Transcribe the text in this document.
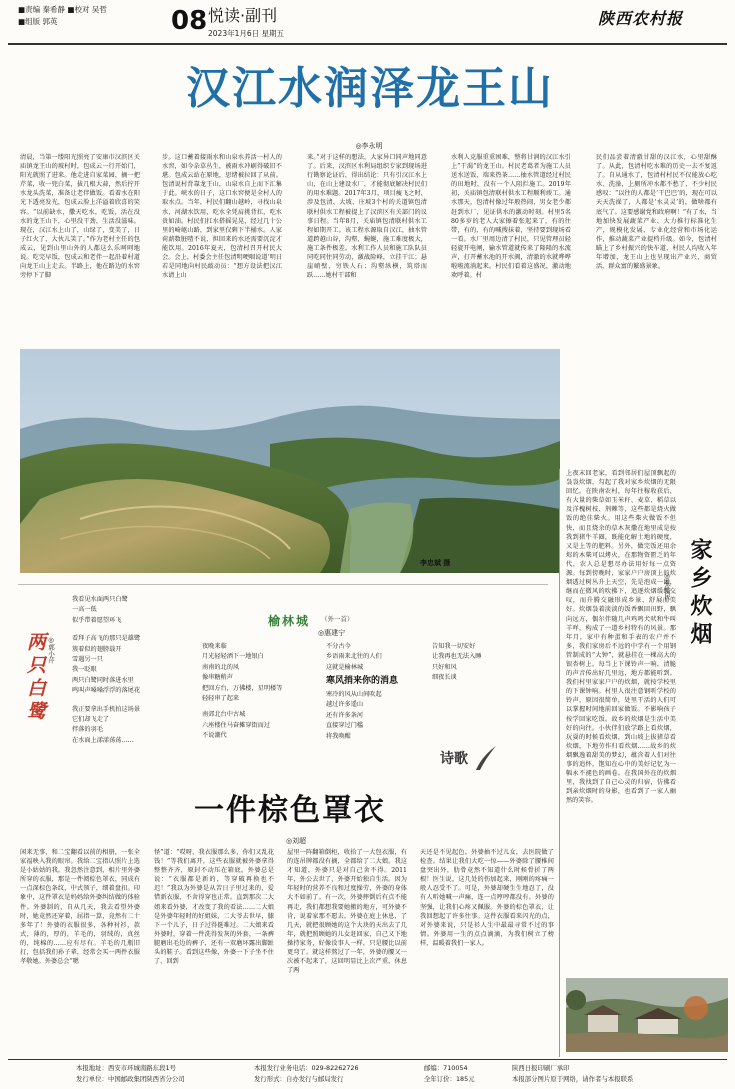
■责编 秦希静 ■校对 吴哲
■组版 郭英	08 悦读·副刊
2023年1月6日 星期五
陕西农村报
汉江水润泽龙王山
◎李永明
清晨，当第一缕阳光照亮了安康市汉滨区关庙镇龙王山的坡村时，包成云一行开始门，阳光就照了进来。他走进自家菜园，摘一把芹菜，收一兜白菜，拔几根大蒜，然后拧开水龙头洗菜，准备让老伴做饭。看着水在阳光下透亮发光，包成云脸上洋溢着欣喜的笑容。“以前缺水，撒天吃水，吃饭，活在没水的龙王山下，心里没干劲，生活没滋味。现在，汉江水上山了，山绿了，变美了，日子红火了，大伙儿笑了。”作为老村主任的包成云，见到山里山外的人都这么乐呵呵地说。吃完早饭，包成云和老伴一起沿着村道向龙王山上走去。半路上，他在路边的水窖旁停下了脚
步。这口蓄着接雨水和山泉水养活一村人的水窖，如今杂草丛生，被雨水冲刷得破旧不堪。包成云站在原地，思绪被拉回了从前。包清说村背靠龙王山，山泉水自上而下汇集于此。峡水的日子，这口水窖便是全村人的取水点。当年，村民们翻山越岭，寻找山泉水，河湖水饮用，吃水全凭肩挑背扛，吃水贵如油。村民们扛水搭摇晃晃，经过几十公里的崎岖山路，到家里仅剩下半桶水。人家荷薪数脏喳不说，担回来的水还需要沉淀才能饮用。2016年夏天，包清村召开村民大会。会上，村委会主任包清明哽咽说道‘明日若是同地向村民敲动员：“想方设法把汉江水请上山
来。”对于这样的想法，大家异口同声地同意了。后来，汉滨区水利局组织专家到现场进行勘察论证后，得出结论：只有引汉江水上山，在山上建设水厂，才能彻底解决村民们的用水难题。2017年3月，项目瘦飞之时，涉及包清、大坡、庄坡3个村的关道镇包清联村供水工程被提上了汉滨区有关部门的议事日程。当年8月，关庙镇包清联村供水工程如期开工。该工程水源取自汉江，抽水管道跨越山谷，沟壑，蜿蜒，施工难度极大，施工条件极差。水利工作人员和施工队队员同吃同住同劳动，激战险峰，立挂干江；悬崖峭壁，穷铁人石；沟壑纵横，筑塔而跃……她村干部和
水利人克服重重困难，整将甘润的汉江水引上“干渴”的龙王山。村民老葛者为施工人员送水送饭，端来热茶……抽水管道经过村民的田地时，没有一个人阻拦施工。2019年初，关庙镇包清联村供水工程顺利竣工。通水那天，包清村像过年般热闹，男女老少都赶到水厂，见证供水的激动时刻。村里5名80多岁的老人大家擦着张起来了，有的往带，有的，有的喊搜抹着，坚持要到现场看一看。水厂里周边清了村民，只见管理员轻轻旋开电闸，输水管道就传来了隆隆的水流声，打开蓄水池的开水阀，清澈的水就哗哗啦啦流淌起来。村民们看着这盛况，激动地欢呼着。村
民们品尝着清澈甘甜的汉江水，心里甜酥了。从此，包清村吃水难的历史一去不复返了。自从通水了，包清村村民不仅能放心吃水、洗澡，上厕所冲水都不愁了，不少村民感叹：“以往的人都是‘干巴巴’的，现在可以天天洗澡了，人都是‘水灵灵’的，做啥都有底气了。这要感谢党和政府啊！”有了水，当地加快发展蔬菜产业、大力推行标准化生产，规模化发展、专业化经营和市场化运作，推动蔬菜产业提档升级。如今，包清村瞄上了乡村振兴的快车道，村民人均收入年年增加，龙王山上也呈现出产业兴，商贸活，群众富的繁盛景象。
李忠斌 摄
上夜末回老家，看到邻居们屋顶飘起的袅袅炊烟，勾起了我对家乡炊烟的无限回忆。在陕南农村，每年往稼收获后，有大量的柴草如玉米秆、麦草、稻草以及洋槐树枝、荆棘等，这些都是烧火做饭的绝佳柴火。用这些柴火做饭不但快，而且烧余的草木灰撒在地里成是按我到猪牛羊圈，既能化解土地的硬度，又是上等的肥料。另外，做完饭还用余烬的木柴可以烤火，在那物资匮乏的年代，农人总是想尽办法用好每一点资源。每到傍晚时，家家户户房顶上的炊烟透过树丛升上天空，先是泡成一团，继而在微风的吹拂下，追逐炊烟缓缓交叹，而升腾交融形成乡景，舒展而美好。炊烟袅着淡淡的饭香飘回田野，飘向远方，偶尔伴随几声鸡鸣犬吠和牛叫羊咩，构成了一道乡村特有的风景。那年月，家中有种蛋和手表的农户并不多，我们家房后不远的中学有一个用钢管制成的“大钟”，就悬挂在一棵高大的银杏树上。每当上下课铃声一响，清脆的声音传出好几里远，地方都能听到。我们村里家家户户的炊烟，就按学校里的下课钟响。村里人很注意钢听学校的铃声，原因很简单，处里干活的人们可以掌握时间地前回家做饭。不影响孩子按学回家吃饭。故乡的炊烟是生活中美好的向往。小伙伴们放学路上看炊烟，玩耍的时候看炊烟，到山坡上拔猪草看炊烟，下地劳作归看炊烟……故乡的炊烟飘逸着甜美的梦幻，蕴含着人们对往事的追怀，饱知在心中的美好记忆为一幅永不褪色的画卷。在我国外在的炊烟里，我找到了自己心灵的归宿，仿佛看到亲炊烟时的身影，也看到了一家人幽然的笑容。
家乡炊烟
◎张怡民
两只白鹭 ◎郭小芹
我看见水面两只白鹭
一高一低
似乎带着愿望环飞
看拜子高飞的那只是雄鹭
簇着似的翅膀载开
雪遇另一只
我一眨眼
两只白鹭同时落进水里
鸣叫声嗓嗓浮浮的落尾花
我正要拿出手机拍这场景
它们却飞走了
拌落的羽毛
在水面上漾漾荡荡……
榆林城 （外一首）
◎惠建宁
夜晚来临
月光轻轻洒下一地银白
南南的北的风
像串糖稍声
把回方台，万佛楼，星明楼等
轻轻串了起来
南郊北台中古城
六座楼住马奋摊穿街而过
不说潮代
不分古今
乡语雨来北往的人们
这就是榆林城
寒风捎来你的消息
寒冷的风从山间吹起
越过许多遥山
还有许多条河
直接穿过门槛
将我唤醒
告知我一切安好
让我再也无法入睡
只好和风
细夜长谈
诗歌
一件棕色罩衣
◎刘超
闲来无事，和二宝翻看以前的相册，一张全家福映入我的眼帘。我给二宝指认照片上选是小姑姑的我。我忽然注意到，相片里外婆所穿的衣服，那是一件阅棕色罩衣，同成有一点深棕色条纹，中式领子，细着盘扣。印象中，这件罩衣是妈妈给外婆纠结做的体验件。外婆制的，自从几天，我去看望外婆时，她竟然还穿着，屈指一算，竟然有二十多年了！外婆的衣服很多，各种衬衫，款式，薄的，厚的，羊毛的，羽绒的，真丝的，纯棉的……应有尽有。羊毛的几瓶旧打，包括我们孙子辈，经常会买一两件衣服孝敬她。外婆总会“嗯
怪”道：“哎呀，我衣服那么多，你们又乱花钱！”等我们离开，这些衣服就被外婆拿得整整齐齐，原封不动压在箱底。外婆总是说：“衣服都是新的，等穿破再换也不迟！”我以为外婆是从苦日子里过来的，爱惜新衣服，不舍得穿也正常。直到那次二大姐来看外婆，才改变了我的看法……二大娘是外婆年轻时的好姐妹，二大爷去世早，膝下一个儿子，日子过得挺难过。二大娘来看外婆时，穿着一件洗得发灰的外套，一条裤腿磨出毛边的裤子，还有一双磨坏露出脚趾头的鞋子。看到这些像，外婆一下子坐不住了，回到
屋里一阵翻箱倒柜，收拾了一大包衣服，有的连吊牌都没有摘，全都给了二大娘。我这才知道，外婆只是对自己舍不得。2011年，外公去世了，外婆开始独自生活。因为年轻时的营养不良和过度操劳，外婆的身体大不如前了。有一次，外婆摔倒后有点不能再走，我们都想我要她搬的地方，可外婆不肯，说着家那不愿去。外婆在庭上休息，了几天，就把很顾她的这个大块的天出去了几年，就把照顾她的儿女赶回家，自己又下地操持家务，好像没事人一样，只是腰比以前更弯了。就这样熬过了一年，外婆的腰又一次被不起来了，这回明显比上次严重，休息了两
天还是不见起色。外婆抽不过儿女，去医院做了检查。结果让我们大吃一惊——外婆除了腰椎间盘突出外，肋骨竟然不知道什么时候骨折了两根！医生说，这几处的伤加起来，刚刚的疼痛一般人忍受不了。可是，外婆却硬生生地忍了，没有人听她喊一声痛，连一点哼哼都没有。外婆的坚强，让我们心疼又佩服。外婆的棕色罩衣，让我回想起了许多往事。这件衣服看来闪光的点，对外婆来说，只是衫人生中最最寻常不过的事情。外婆用一生的点点滴滴，为我们树立了榜样，温暖着我们一家人。
本报地址：西安市环城南路东段1号	本报发行业务电话：029-82262726	邮编：710054	陕西日报印刷厂承印
发行单位：中国邮政集团陕西省分公司	发行形式：自办发行与邮局发行	全年订价：185元	本报部分图片原于网络，请作者与本报联系
